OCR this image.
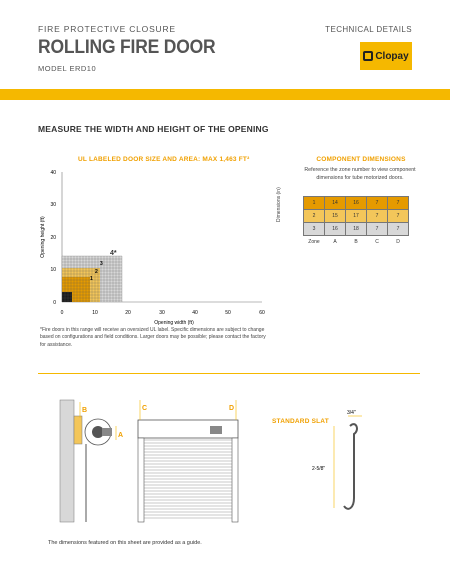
FIRE PROTECTIVE CLOSURE
ROLLING FIRE DOOR
MODEL ERD10
TECHNICAL DETAILS
Clopay
MEASURE THE WIDTH AND HEIGHT OF THE OPENING
UL LABELED DOOR SIZE AND AREA: MAX 1,463 FT²
40
30
20
10
0
0	10	20	30	40	50	60
Opening width (ft)
Opening height (ft)
1
2
3
4*
*Fire doors in this range will receive an oversized UL label. Specific dimensions are subject to change based on configurations and field conditions. Larger doors may be possible; please contact the factory for assistance.
COMPONENT DIMENSIONS
Reference the zone number to view component dimensions for tube motorized doors.
Dimensions (in)	1	14	16	7	7
2	15	17	7	7
3	16	18	7	7
Zone	A	B	C	D
B
A
C	D
STANDARD SLAT
3/4"
2-5/8"
The dimensions featured on this sheet are provided as a guide.
